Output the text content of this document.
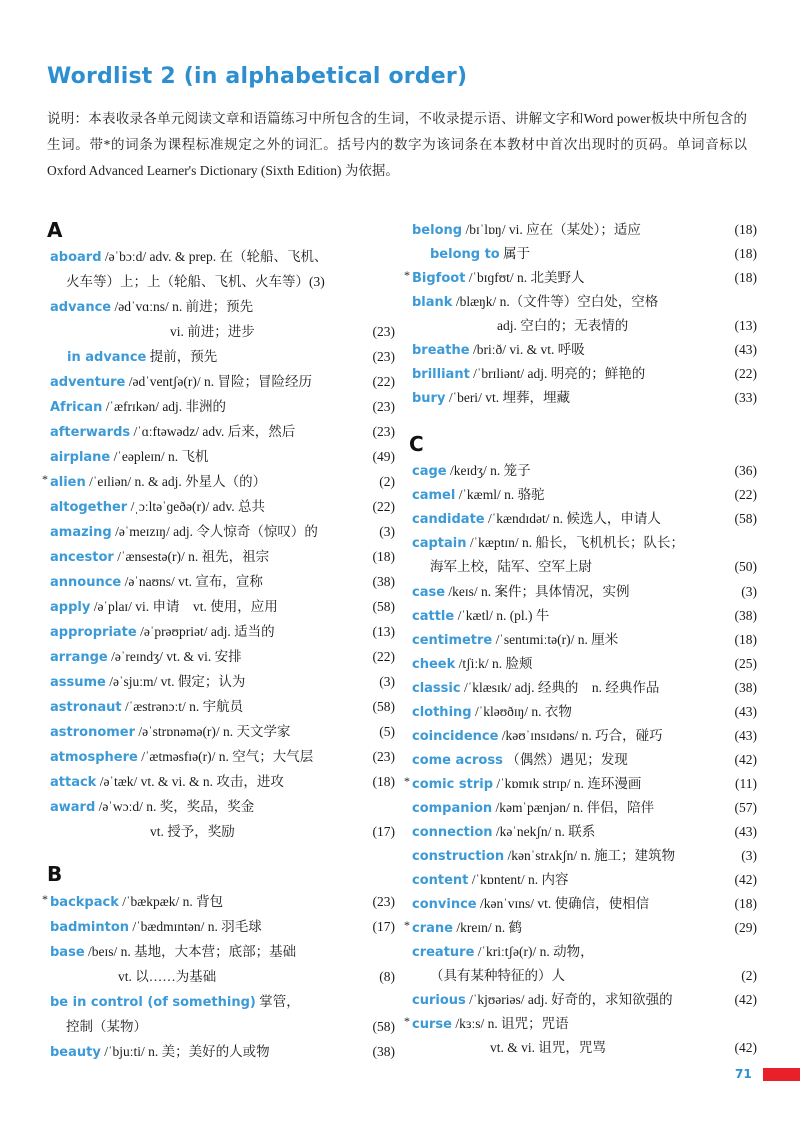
Wordlist 2 (in alphabetical order)

说明：本表收录各单元阅读文章和语篇练习中所包含的生词，不收录提示语、讲解文字和Word power板块中所包含的生词。带*的词条为课程标准规定之外的词汇。括号内的数字为该词条在本教材中首次出现时的页码。单词音标以Oxford Advanced Learner's Dictionary (Sixth Edition) 为依据。

A
aboard /əˈbɔːd/ adv. & prep. 在（轮船、飞机、
火车等）上；上（轮船、飞机、火车等）(3)
advance /ədˈvɑːns/ n. 前进；预先
vi. 前进；进步	(23)
in advance 提前，预先	(23)
adventure /ədˈventʃə(r)/ n. 冒险；冒险经历	(22)
African /ˈæfrɪkən/ adj. 非洲的	(23)
afterwards /ˈɑːftəwədz/ adv. 后来，然后	(23)
airplane /ˈeəpleɪn/ n. 飞机	(49)
* alien /ˈeɪliən/ n. & adj. 外星人（的）	(2)
altogether /ˌɔːltəˈɡeðə(r)/ adv. 总共	(22)
amazing /əˈmeɪzɪŋ/ adj. 令人惊奇（惊叹）的	(3)
ancestor /ˈænsestə(r)/ n. 祖先，祖宗	(18)
announce /əˈnaʊns/ vt. 宣布，宣称	(38)
apply /əˈplaɪ/ vi. 申请　vt. 使用，应用	(58)
appropriate /əˈprəʊpriət/ adj. 适当的	(13)
arrange /əˈreɪndʒ/ vt. & vi. 安排	(22)
assume /əˈsjuːm/ vt. 假定；认为	(3)
astronaut /ˈæstrənɔːt/ n. 宇航员	(58)
astronomer /əˈstrɒnəmə(r)/ n. 天文学家	(5)
atmosphere /ˈætməsfɪə(r)/ n. 空气；大气层	(23)
attack /əˈtæk/ vt. & vi. & n. 攻击，进攻	(18)
award /əˈwɔːd/ n. 奖，奖品，奖金
vt. 授予，奖励	(17)
B
* backpack /ˈbækpæk/ n. 背包	(23)
badminton /ˈbædmɪntən/ n. 羽毛球	(17)
base /beɪs/ n. 基地，大本营；底部；基础
vt. 以……为基础	(8)
be in control (of something) 掌管，
控制（某物）	(58)
beauty /ˈbjuːti/ n. 美；美好的人或物	(38)
belong /bɪˈlɒŋ/ vi. 应在（某处）；适应	(18)
belong to 属于	(18)
* Bigfoot /ˈbɪɡfʊt/ n. 北美野人	(18)
blank /blæŋk/ n.（文件等）空白处，空格
adj. 空白的；无表情的	(13)
breathe /briːð/ vi. & vt. 呼吸	(43)
brilliant /ˈbrɪliənt/ adj. 明亮的；鲜艳的	(22)
bury /ˈberi/ vt. 埋葬，埋藏	(33)
C
cage /keɪdʒ/ n. 笼子	(36)
camel /ˈkæml/ n. 骆驼	(22)
candidate /ˈkændɪdət/ n. 候选人，申请人	(58)
captain /ˈkæptɪn/ n. 船长，飞机机长；队长；
海军上校，陆军、空军上尉	(50)
case /keɪs/ n. 案件；具体情况，实例	(3)
cattle /ˈkætl/ n. (pl.) 牛	(38)
centimetre /ˈsentɪmiːtə(r)/ n. 厘米	(18)
cheek /tʃiːk/ n. 脸颊	(25)
classic /ˈklæsɪk/ adj. 经典的　n. 经典作品	(38)
clothing /ˈkləʊðɪŋ/ n. 衣物	(43)
coincidence /kəʊˈɪnsɪdəns/ n. 巧合，碰巧	(43)
come across （偶然）遇见；发现	(42)
* comic strip /ˈkɒmɪk strɪp/ n. 连环漫画	(11)
companion /kəmˈpænjən/ n. 伴侣，陪伴	(57)
connection /kəˈnekʃn/ n. 联系	(43)
construction /kənˈstrʌkʃn/ n. 施工；建筑物	(3)
content /ˈkɒntent/ n. 内容	(42)
convince /kənˈvɪns/ vt. 使确信，使相信	(18)
* crane /kreɪn/ n. 鹤	(29)
creature /ˈkriːtʃə(r)/ n. 动物，
（具有某种特征的）人	(2)
curious /ˈkjʊəriəs/ adj. 好奇的，求知欲强的	(42)
* curse /kɜːs/ n. 诅咒；咒语
vt. & vi. 诅咒，咒骂	(42)
71
